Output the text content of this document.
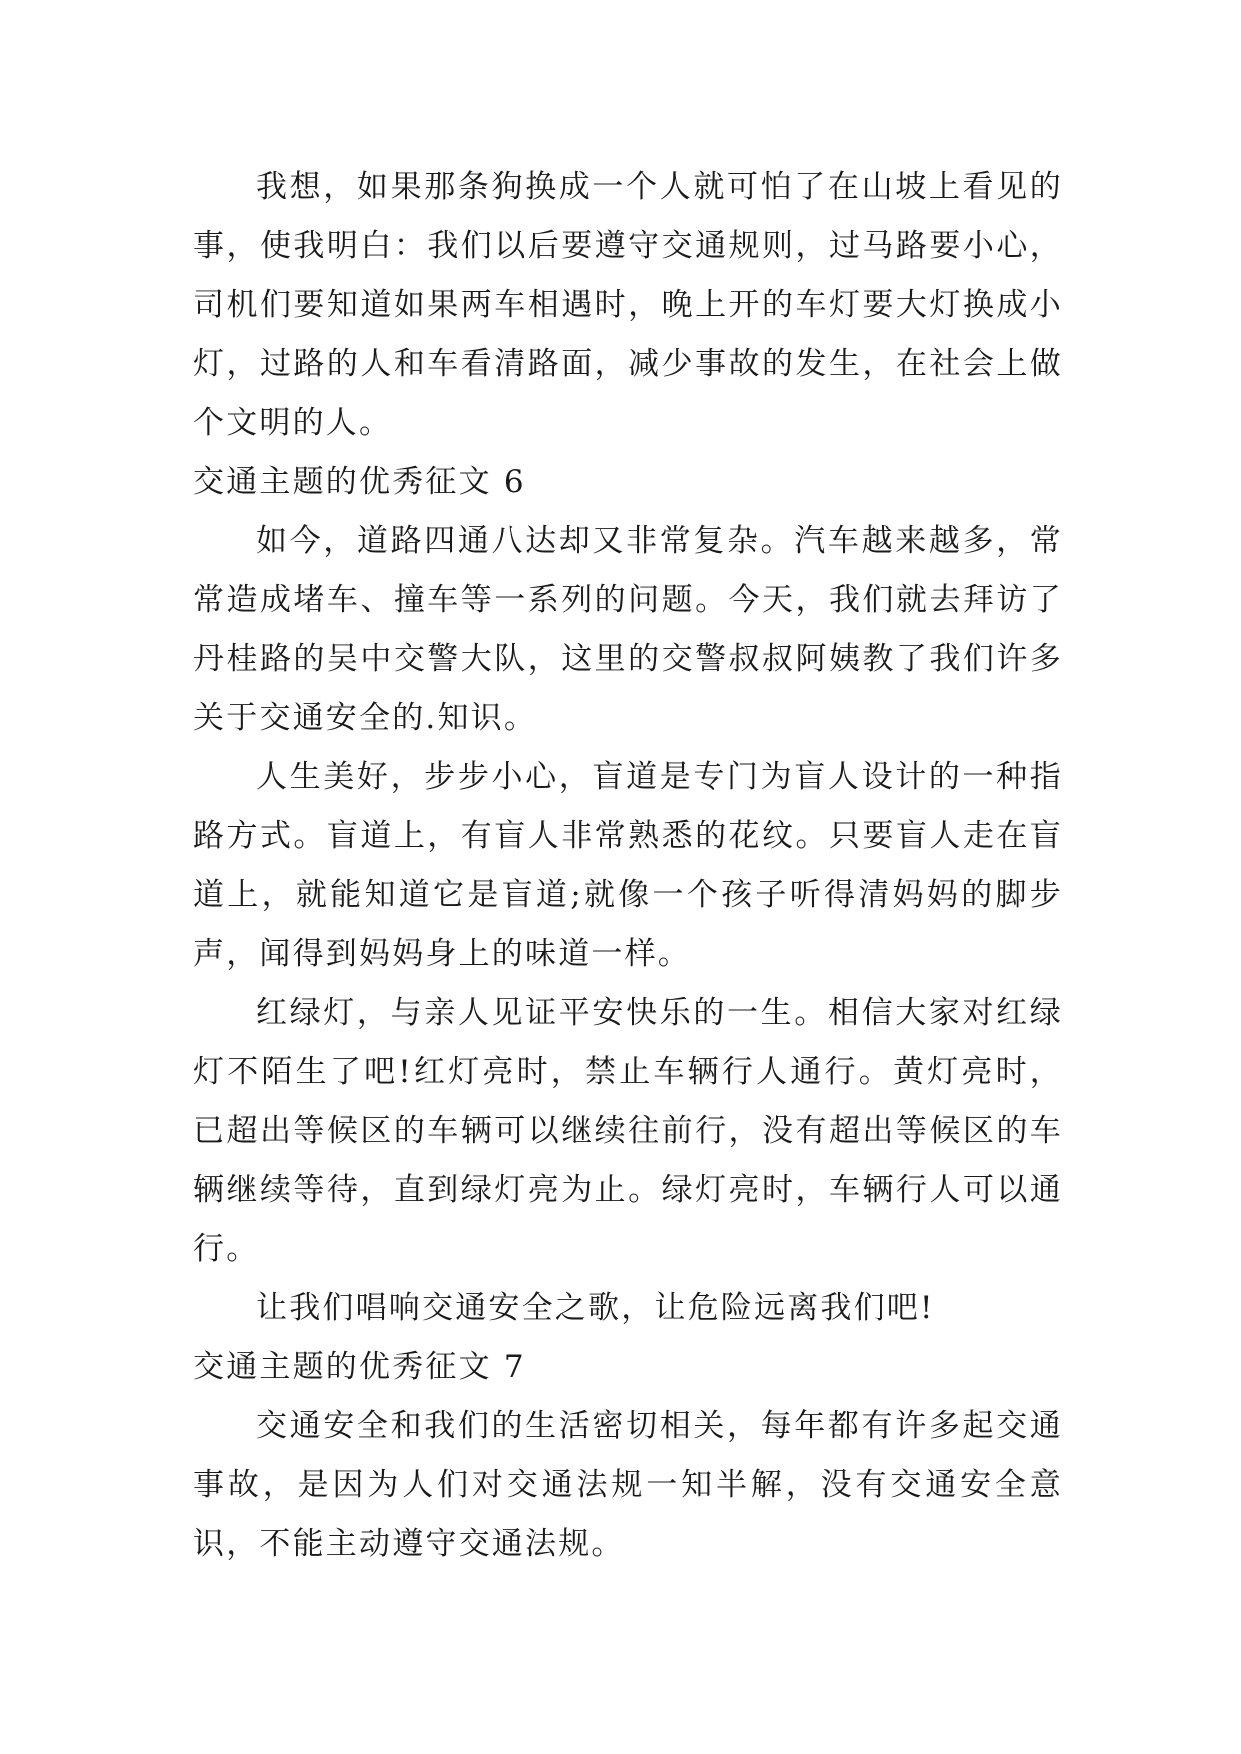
我想，如果那条狗换成一个人就可怕了在山坡上看见的事，使我明白：我们以后要遵守交通规则，过马路要小心，司机们要知道如果两车相遇时，晚上开的车灯要大灯换成小灯，过路的人和车看清路面，减少事故的发生，在社会上做个文明的人。

交通主题的优秀征文 6

如今，道路四通八达却又非常复杂。汽车越来越多，常常造成堵车、撞车等一系列的问题。今天，我们就去拜访了丹桂路的吴中交警大队，这里的交警叔叔阿姨教了我们许多关于交通安全的.知识。

人生美好，步步小心，盲道是专门为盲人设计的一种指路方式。盲道上，有盲人非常熟悉的花纹。只要盲人走在盲道上，就能知道它是盲道;就像一个孩子听得清妈妈的脚步声，闻得到妈妈身上的味道一样。

红绿灯，与亲人见证平安快乐的一生。相信大家对红绿灯不陌生了吧!红灯亮时，禁止车辆行人通行。黄灯亮时，已超出等候区的车辆可以继续往前行，没有超出等候区的车辆继续等待，直到绿灯亮为止。绿灯亮时，车辆行人可以通行。

让我们唱响交通安全之歌，让危险远离我们吧!

交通主题的优秀征文 7

交通安全和我们的生活密切相关，每年都有许多起交通事故，是因为人们对交通法规一知半解，没有交通安全意识，不能主动遵守交通法规。
